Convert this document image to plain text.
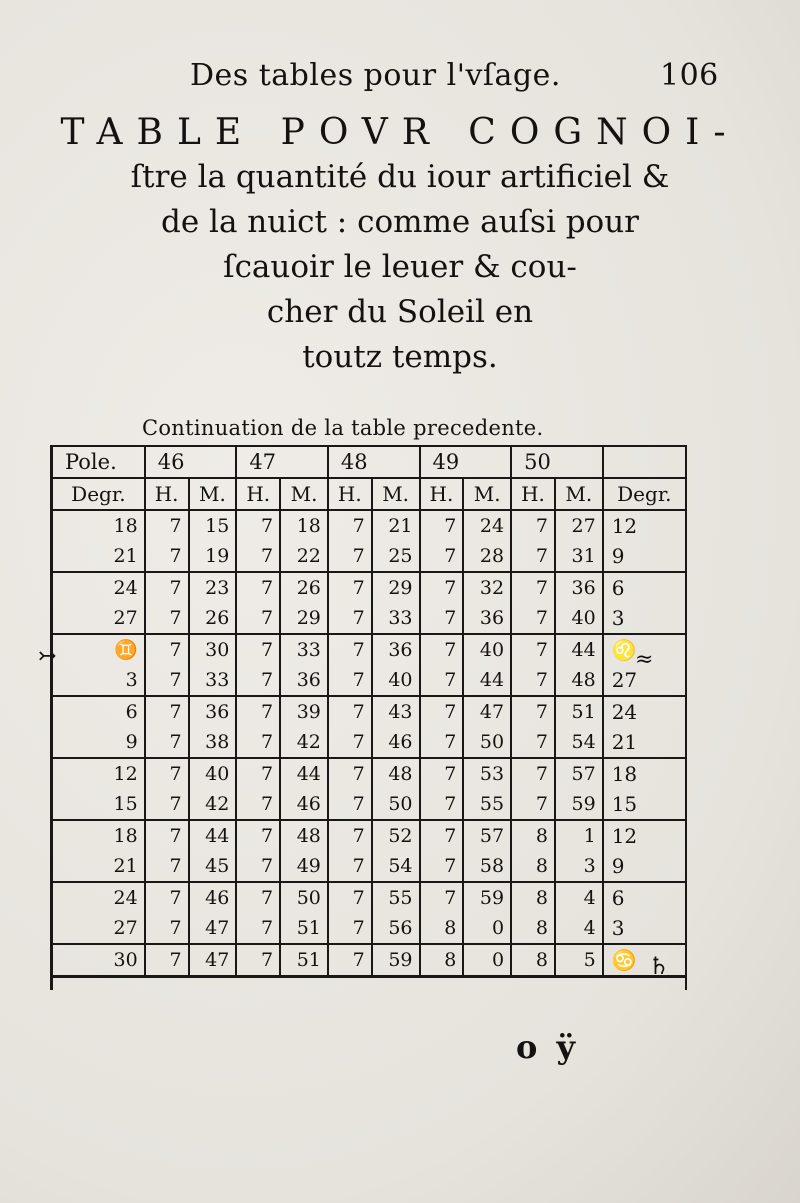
Des tables pour l'vſage.	106
TABLE POVR COGNOI-
ſtre la quantité du iour artificiel &
de la nuict : comme auſsi pour
ſcauoir le leuer & cou-
cher du Soleil en
toutz temps.
Continuation de la table precedente.
↣	≈
♄
Pole.	46		47		48		49		50		
Degr.	H.	M.	H.	M.	H.	M.	H.	M.	H.	M.	Degr.
18	7	15	7	18	7	21	7	24	7	27	12
21	7	19	7	22	7	25	7	28	7	31	9
24	7	23	7	26	7	29	7	32	7	36	6
27	7	26	7	29	7	33	7	36	7	40	3
♊	7	30	7	33	7	36	7	40	7	44	♌
3	7	33	7	36	7	40	7	44	7	48	27
6	7	36	7	39	7	43	7	47	7	51	24
9	7	38	7	42	7	46	7	50	7	54	21
12	7	40	7	44	7	48	7	53	7	57	18
15	7	42	7	46	7	50	7	55	7	59	15
18	7	44	7	48	7	52	7	57	8	1	12
21	7	45	7	49	7	54	7	58	8	3	9
24	7	46	7	50	7	55	7	59	8	4	6
27	7	47	7	51	7	56	8	0	8	4	3
30	7	47	7	51	7	59	8	0	8	5	♋
o ÿ
